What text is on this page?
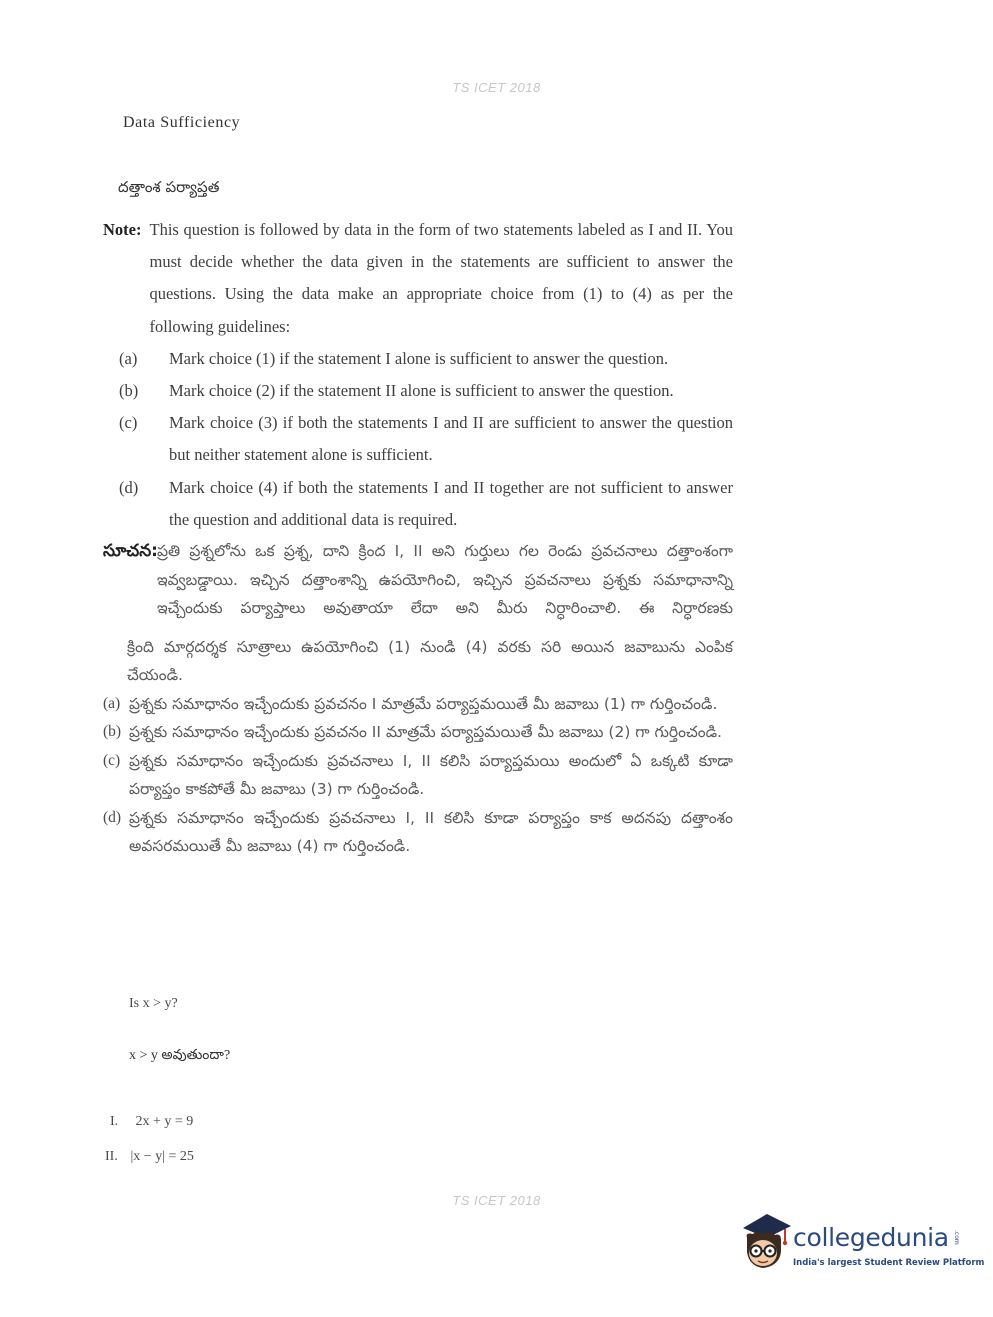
TS ICET 2018
Data Sufficiency
దత్తాంశ పర్యాప్తత
Note: This question is followed by data in the form of two statements labeled as I and II. You must decide whether the data given in the statements are sufficient to answer the questions. Using the data make an appropriate choice from (1) to (4) as per the following guidelines:
(a)	Mark choice (1) if the statement I alone is sufficient to answer the question.
(b)	Mark choice (2) if the statement II alone is sufficient to answer the question.
(c)	Mark choice (3) if both the statements I and II are sufficient to answer the question but neither statement alone is sufficient.
(d)	Mark choice (4) if both the statements I and II together are not sufficient to answer the question and additional data is required.
సూచన: ప్రతి ప్రశ్నలోను ఒక ప్రశ్న, దాని క్రింద I, II అని గుర్తులు గల రెండు ప్రవచనాలు దత్తాంశంగా ఇవ్వబడ్డాయి. ఇచ్చిన దత్తాంశాన్ని ఉపయోగించి, ఇచ్చిన ప్రవచనాలు ప్రశ్నకు సమాధానాన్ని ఇచ్చేందుకు పర్యాప్తాలు అవుతాయా లేదా అని మీరు నిర్ధారించాలి. ఈ నిర్ధారణకు
క్రింది మార్గదర్శక సూత్రాలు ఉపయోగించి (1) నుండి (4) వరకు సరి అయిన జవాబును ఎంపిక చేయండి.
(a) ప్రశ్నకు సమాధానం ఇచ్చేందుకు ప్రవచనం I మాత్రమే పర్యాప్తమయితే మీ జవాబు (1) గా గుర్తించండి.
(b) ప్రశ్నకు సమాధానం ఇచ్చేందుకు ప్రవచనం II మాత్రమే పర్యాప్తమయితే మీ జవాబు (2) గా గుర్తించండి.
(c) ప్రశ్నకు సమాధానం ఇచ్చేందుకు ప్రవచనాలు I, II కలిసి పర్యాప్తమయి అందులో ఏ ఒక్కటి కూడా పర్యాప్తం కాకపోతే మీ జవాబు (3) గా గుర్తించండి.
(d) ప్రశ్నకు సమాధానం ఇచ్చేందుకు ప్రవచనాలు I, II కలిసి కూడా పర్యాప్తం కాక అదనపు దత్తాంశం అవసరమయితే మీ జవాబు (4) గా గుర్తించండి.
Is x > y?
x > y అవుతుందా?
I. 2x + y = 9
II. |x − y| = 25
TS ICET 2018
collegedunia .com
India's largest Student Review Platform
